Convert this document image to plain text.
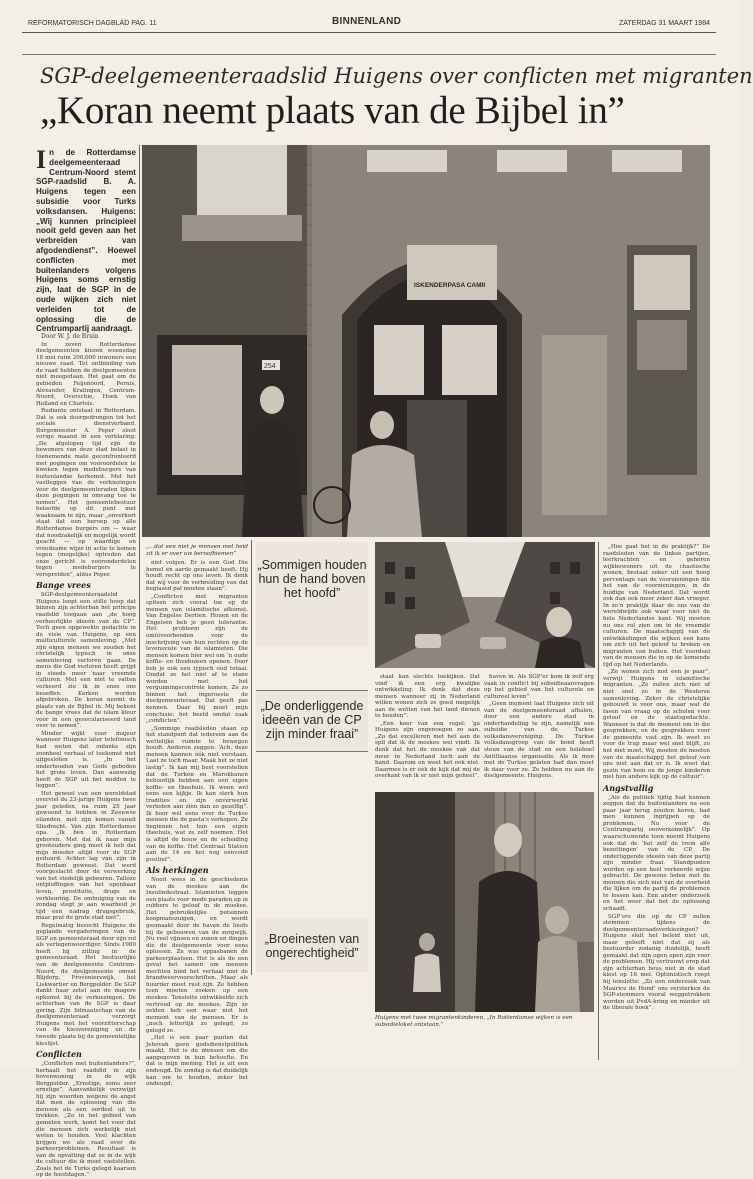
REFORMATORISCH DAGBLAD PAG. 11	BINNENLAND	ZATERDAG 31 MAART 1984
SGP-deelgemeenteraadslid Huigens over conflicten met migranten
„Koran neemt plaats van de Bijbel in”
In de Rotterdamse deelgemeenteraad Centrum-Noord stemt SGP-raadslid B. A. Huigens tegen een subsidie voor Turks volksdansen. Huigens: „Wij kunnen principieel nooit geld geven aan het verbreiden van afgodendienst”. Hoewel conflicten met buitenlanders volgens Huigens soms ernstig zijn, laat de SGP in de oude wijken zich niet verleiden tot de oplossing die de Centrumpartij aandraagt.

Door W. J. de Bruin

In zeven Rotterdamse deelgemeenten kiezen woensdag 18 mei ruim 200.000 inwoners een nieuwe raad. Tot ontbinding van de raad hebben de deelgemeenten niet meegedaan. Het gaat om de gebieden Feijenoord, Pernis, Alexander, Kralingen, Centrum-Noord, Overschie, Hoek van Holland en Charlois.

Rudiante ontstaat in Rotterdam. Dat is ook doorgedrongen tot het sociale dienstverband. Burgemeester A. Peper sloot vorige maand in een verklaring: „De afgelopen tijd zijn de bewoners van deze stad belast in toenemende mate geconfronteerd met pogingen om vooroordelen te kweken tegen medeburgers van buitenlandse herkomst. Met het vastleggen van de verkiezingen voor de deelgemeenteraden lijken deze pogingen in omvang toe te nemen”. Het gemeentebestuur beloofde op dit punt met waakzaam te zijn, maar „onverkort staat dat een beroep op alle Rotterdamse burgers om — waar dat noodzakelijk en mogelijk wordt geacht — op waardige en vreedzame wijze in actie te komen tegen (mogelijke) optreden dat onze gericht is vooronderdelen tegen medeburgers te verspreiden”, aldus Peper.

Bange vrees

SGP-deelgemeenteraadslid Huigens loopt een stille hoop dat binnen zijn achterban het principe raadslid toegaan aan „de hoog verheerlijkte ideeën van de CP”. Toch geen opgewekte gedachte in de visie van Huigens, op een multiculturele samenleving. „Met zijn eigen mensen we zouden het christelijk typisch in onze samenleving verloren gaan. De mens die God verloren heeft grijpt in steeds meer naar vreemde culturen. Met een niet te vatten verkeerd zie ik in onze ons beseffen. Kerken worden afgebroken. De koran neemt de plaats van de Bijbel in. Mij bekent de bange vrees dat de islam kleur voor in een geseculariseerd land over te nemen”.

Minder wijkt voor majeur wanneer Huigens later telefonisch had weten dat onlanks zijn zoonheel verhaal of toekomst niet uitgesloten is. „In het onderhouden van Gods geboden het grote leven. Dan aanwezig heeft de SGP uit het midden te leggen”.

Het gewoel van een wereldstad overviel de 23-jarige Huigens twee jaar geleden, na ruim 25 jaar gewoond te hebben in Zeeuwse eilanden, met zijn komen vanuit Sliedrecht. Van zijn Rotterdamse opa. „Ik ben in Rotterdam geboren. Met dat ik naar mijn grootouders ging moet ik heb dat mijn moeder altijd voor de SGP geduurd. Achter lag van zijn in Rotterdam geweest. Dat werd voorgeslacht door de verwerking van het stedelijk gebeuren. Talloze ontploffingen van het openbaar leven, prostitutie, drugs en verkleuring. De ombuiging van de zondag stegt je aan waarheid je tijd een nadrag drugsgebruik, maar prat de grote stad niet”.

Regelmatig bezocht Huigens de geplande vergaderingen van de SGP en gemeenteraad door zijn rol als vertegenwoordiger. Sinds 1980 heeft hij zitting in de gemeenteraad. Het bestuurlijke van de deelgemeente Centrum-Noord, de deelgemeente omvat Blijdorp, Provenierswijk, het Liskwartier en Bergpolder. De SGP dankt haar zetel aan de magere opkomst bij de verkiezingen. De achterban van de SGP is daar gering. Zijn lidmaatschap van de deelgemeenteraad verzorgt Huigens met het voorzitterschap van de kiesvereniging en de tweede plaats bij de gemeentelijke kieslijst.

Conflicten

„Conflicten met buitenlanders?”, herhaalt het raadslid in zijn bovenwoning in de wijk Bergpolder. „Ernstige, soms zeer ernstige”. Aanvankelijk verzwijgt hij zijn woorden wegens de angst dat men de oplossing van die mensen als een oordeel uit te trekken. „Zo in het gebied van gemeten werk, komt het voor dat die mensen zich werkelijk niet weten te houden. Veel klachten krijgen we als raad over de parkeerproblemen. Resultaat is van de opvatting dat ze in de wijk de cultuur die ik moet vaststellen. Zoals het de Turks gelegd kaarsen op de feestdagen.”

254
ISKENDERPASA CAMII
„...dat een niet je mensen met heid zit ik er over uw beroofbiemen”

niet volgen. Er is een God Die hemel en aarde gemaakt heeft. Hij houdt recht op ons leven. Ik denk dat wij voor de verbreiding van dat begiaasd pal moeten staan”.

„Conflicten met migranten spitsen zich vooral toe op de mensen van islamitische afkomst. Van Engelse Dertien. Houen en de Engelsen heb je geen tolerantie. Het probleem zijn de omnivoorbenden voor de inschrijving van hun rechten op de levensvisie van de islamieten. Die mensen komen hier wel om ‘n oude koffie- en theehuisen openen. Door heb je ook een typisch oud totaal. Omdat ze het niet af te stane worden met het vergunningscontrole komen. Ze zo binnen het ingeroeste de deelgemeenteraad. Dat geeft pas kennen. Daar bij moet mijn conclusie: het beeld omdat zaak „conflicten”.

„Sommige raadsleden staan op het standpunt dat iedereen aan de wettelijke ruimte te bewegen houdt. Anderen zeggen: ‘Ach, deze mensen kunnen óók niet verstaan. Laat ze toch maar. Maak het ze niet lastig”. Ik kan mij best voorstellen dat de Turken en Marokkanen behoorlijk hebben aan een eigen koffie- en theehuis. Ik woon wel eens een kijkje. Ik kan sterk hun tradities en zijn onverwerkt verleden aan zien dan zo gezellig”. Ik hoor wel eens over de Turkse mensen die de pasta’s verkopen. Ze beginnen het hun een eigen theehuis, wat ze zelf noemen. Het is altijd de bouw en de scheiding van de koffie. Het Centraal Station aan de 14 en het nog eenvoud positief”.

Als herkingen

Nooit wees in de geschiedenis van de moskee aan de Insulindestraat. Islamieten leggen een plaats voor mede paraden op in rubbers te geloof in de moskee. Het gebruikelijke potsinnen koopmanszuigen, en wordt gesmaakt door de haven de loods bij de gebouwen van de zorgwijk. Nu veel vijnsen en zonen en dingen die de deelgemeente voor eens oplossen. Ze was oppasbanen de parkeerplaatsen. Het is als de een geval het samen om mensen mochten bind het verhaal met de brandweervoorschriften. Maar als huurder moet rust zijn. Ze hebben toen moeten zoeken op een moskee. Tenslotte ontwikkelde zich vertroud op de moskee. Zijn ze zelden heb een waar niet het moment van de mensen. Er is „noch letterlijk zo gelegd, zo gelegd ze.

„Het is een paar punten dat Jehovah geen godsdienstpolitiek maakt. Het is de mensen om die aangegeven in hun behoefte. En dat is mijn mening. Het is uit een ondeugd. De zondag is dat duidelijk kan om te houden, zeker het ondeugd.

„Sommigen houden hun de hand boven het hoofd”
„De onderliggende ideeën van de CP zijn minder fraai”
„Broeinesten van ongerechtigheid”

staat kan slechts toekijken. Dat vind ik een erg kwalijke ontwikkeling. Ik denk dat deze mensen wanneer zij in Nederland willen wonen zich ze goed mogelijk aan de wetten van het land dienen te houden”.

„Een keer van een regel: ‘ga Huigens zijn ongenoegen zo aan. „Zo dat excelleren met het aan de spil dat ik de moskee wel vindt. Ik denk dat het de moskee van dat meer in Nederland toch aan de hand. Daarom en weet het ook niet. Daarmee is er ook de kijk dat mij de overkant van ik er niet mijn geheel”.

haven in. Als SGP’er kom ik zelf erg vaak in conflict bij subsidieaanvragen op het gebied van het culturele en cultureel leven”.

„Geen moment laat Huigens zich uit van de deelgemeenteraad afhalen, door een andere stad in onderhandeling te zijn, namelijk een subsidie van de Turkse volksdansvereniging. De Turkse volksdansgroep van de bond heeft steun van de stad en een heleboel Antilliaanse organisatie. Als ik men met de Turkse gelaten had dan moet ik daar voor ze. Ze hebben nu aan de deelgemeente. Huigens.

Huigens met twee migrantenkinderen. „In Rotterdamse wijken is een subsidieloket ontstaan.”

„Hoe gaat het in de praktijk?” De raadsleden van de linkse partijen, leerkrachten en gehoren wijkbewoners uit de chaotische wonen, bestaat zeker uit een hoog percentage van de voorzieningen die het van de voorzieningen, in de huidige van Nederland. Dat wordt ook dan ook meer zeker dan vroeger. In zo’n praktijk daar de ons van de wereldwijde ook waar voor niet de hele Nederlandse kant. Wij moeten nu ons rol zien om in de vreemde culturen. De maatschappij van de ontwikkelingen die wijken een kans om zich uit het geloof te breken en migranten van buiten. Het voordeel van de mensen die in op de komende tijd op het Nederlands.

„Ze wonen zich met een je paar”, verwijt Huigens in islamitische migranten. „Ze zullen zich niet of niet snel zo in de Westerse samenleving. Zeker de christelijke gebouwd is voor ons, maar wat de fasen van vraag op de scholen voor geloof en de staatsgedachte. Wanneer is dat de moment om in die gesprekken, en de gesprekken voor de gemeente vast zijn. Ik weet zo voor de trap maar wel snel blijft, zo het niet moet. Wij moeten de moeten van de maatschappij het geloof van ons niet aan dat er is. Ik weet dat gezin van hem en de jonge kinderen met hun andere kijk op de cultuur”.

Angstvallig

„Als de politiek tijdig had kunnen zeggen dat de buitenlanders na een paar jaar terug zouden keren, had men kunnen ingrijpen op de problemen. Nu voor de Centrumpartij onoverkomelijk”. Op waarschuwende toon noemt Huigens ook dat de ‘het zelf de trein alle bezettingen’ van de CP. De onderliggende ideeën van deze partij zijn minder fraai. Standpunten worden op een heel verkeerde wijze gebracht. De gewone leden met de mensen die zich niet van de overheid die lijken om de partij de problemen te lossen kan. Een ander onderzoek en het weer dat het de oplossing schaadt.

SGP’ers die op de CP zullen stemmen tijdens de deelgemeenteraadsverkiezingen? Huigens sluit het beleid niet uit, maar gelooft niet dat zij als bestuurder zodanig duidelijk, heeft gemaakt dat zijn ogen open zijn voor de problemen. Hij vertrouwt erop dat zijn achterban heus niet in de stad kiest op 16 mei. Optimistisch roept hij tenslotte: „Zo een onderzoek van Maurice de Hond’ ons versterken de SGP-stemmers vooral weggetrokken worden uit PvdA-kring en minder uit de liberale hoek”.
